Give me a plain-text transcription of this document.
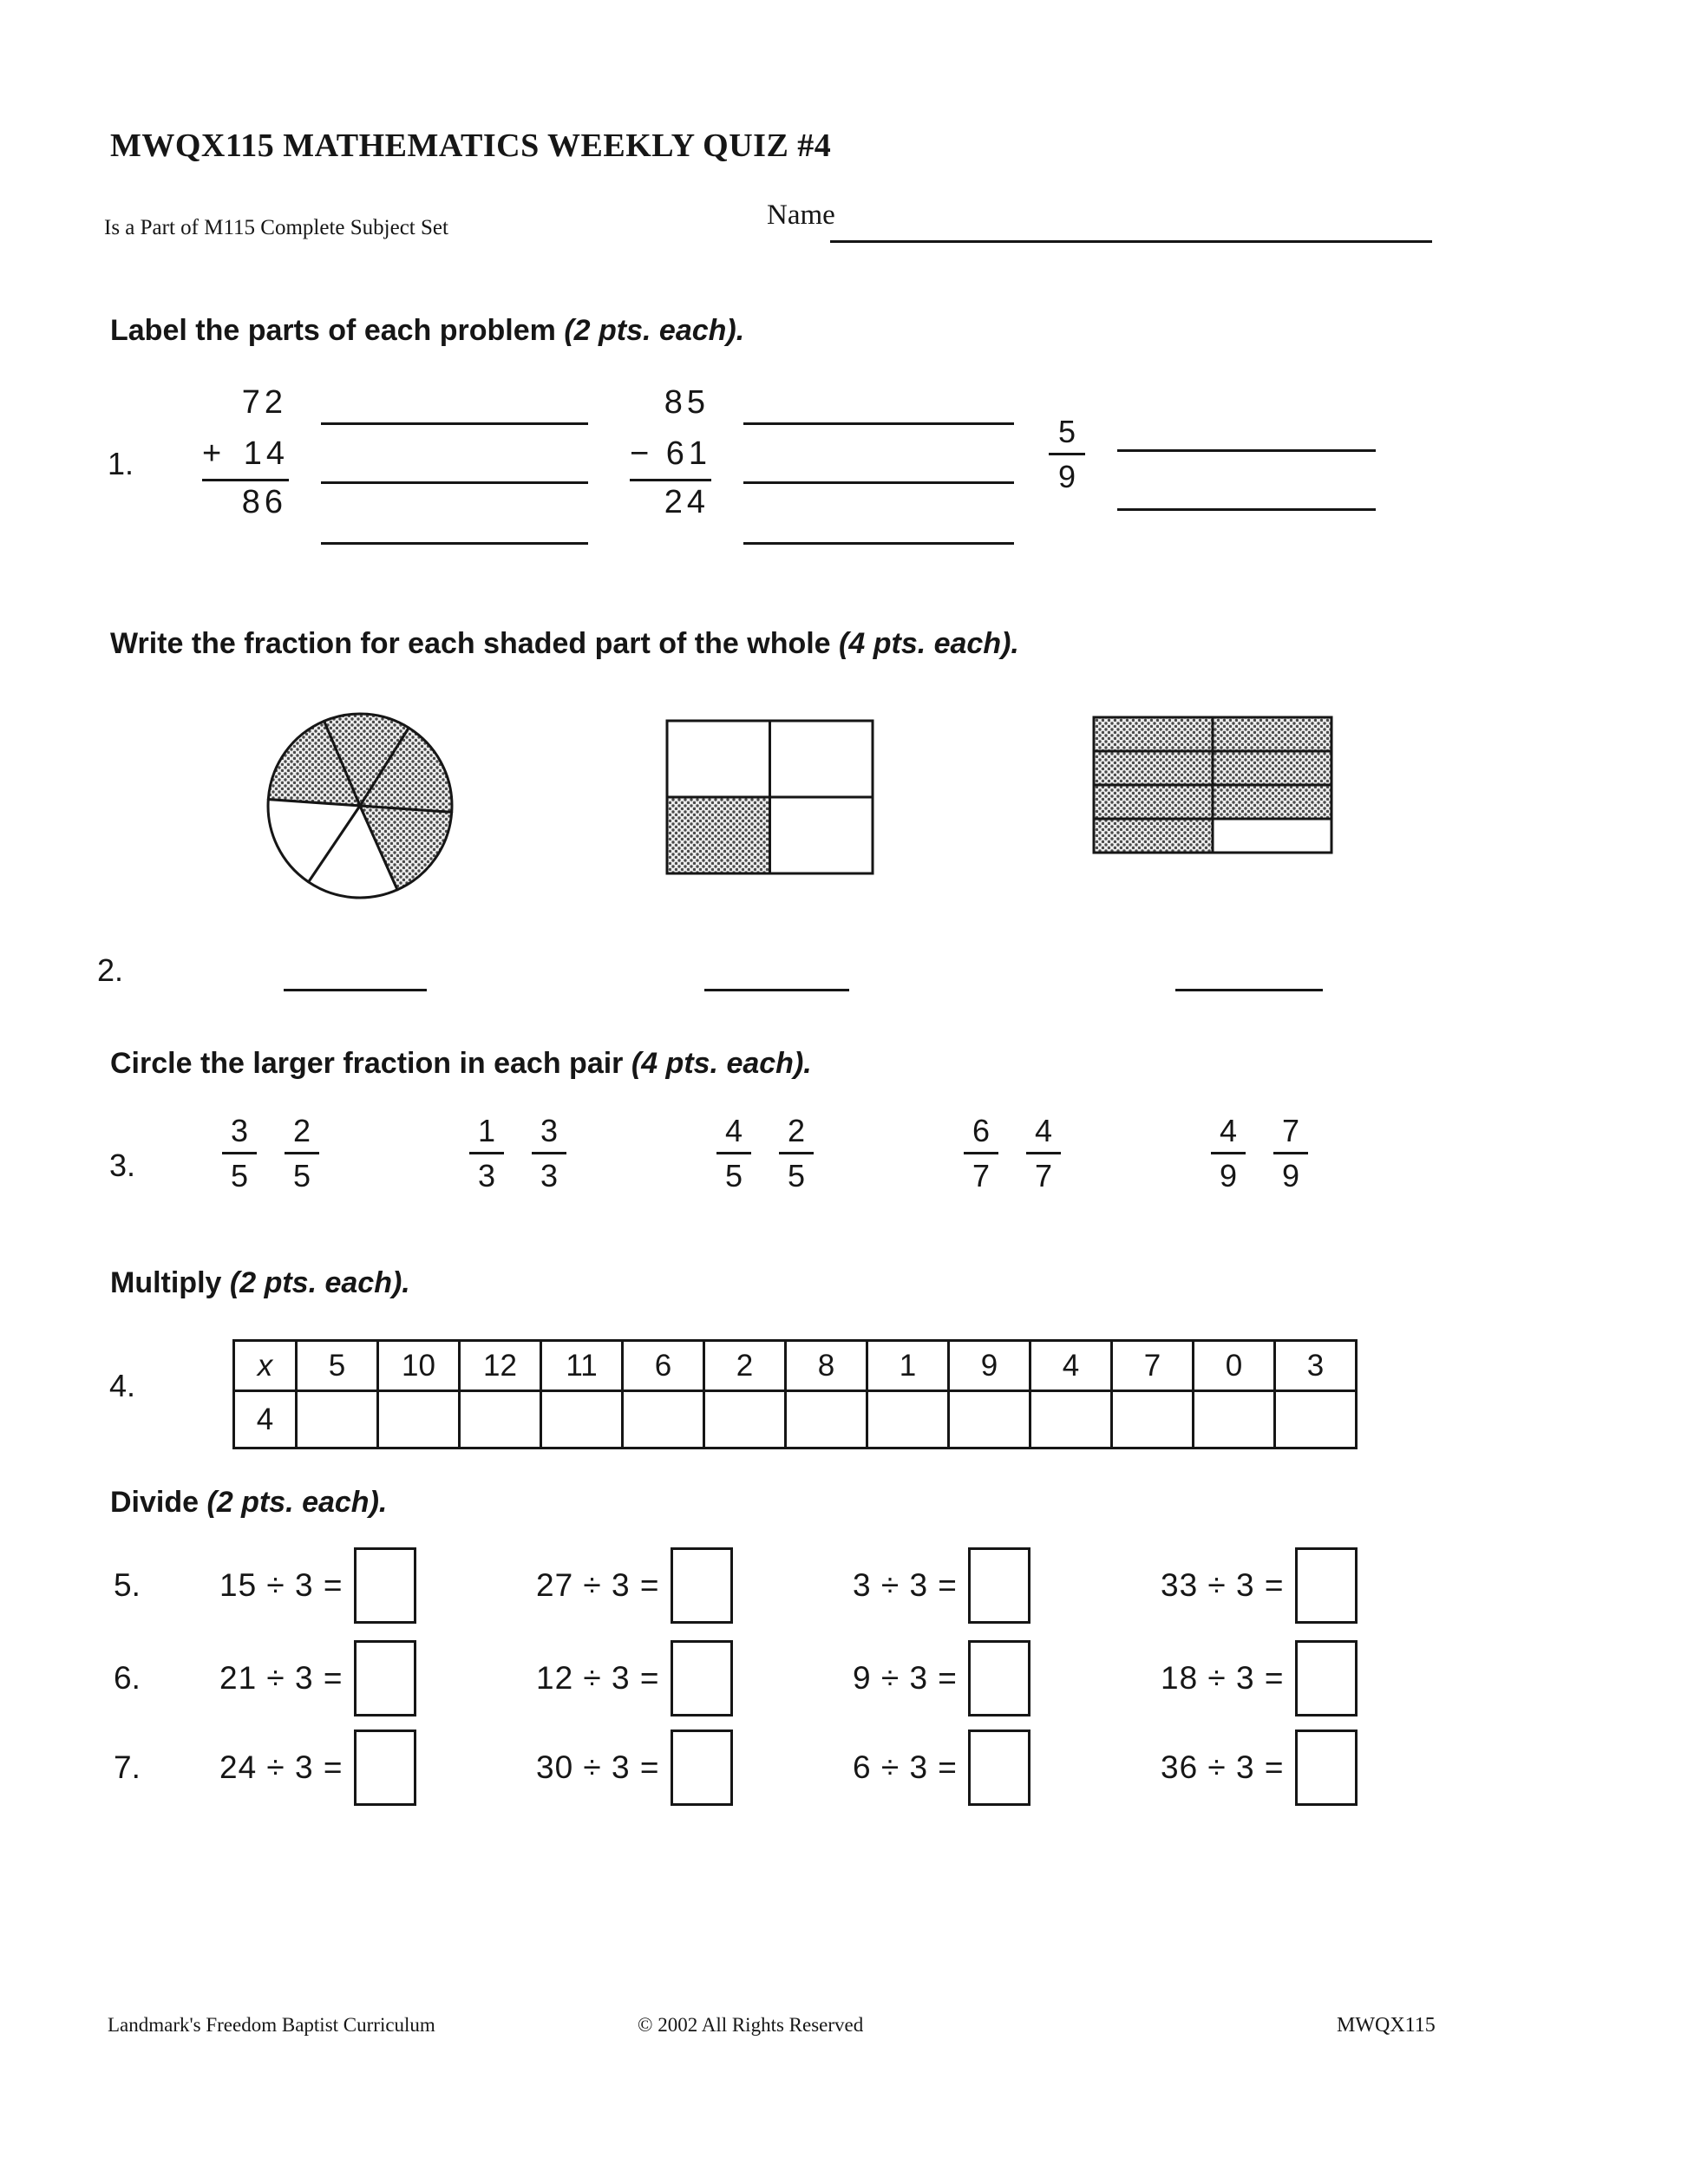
MWQX115 MATHEMATICS WEEKLY QUIZ #4
Is a Part of M115 Complete Subject Set	Name
Label the parts of each problem (2 pts. each).
1.
72
+ 14
86
85
− 61
24
5
9
Write the fraction for each shaded part of the whole (4 pts. each).
2.
Circle the larger fraction in each pair (4 pts. each).
3.	$\frac{3}{5} \frac{2}{5}$	$\frac{1}{3} \frac{3}{3}$	$\frac{4}{5} \frac{2}{5}$	$\frac{6}{7} \frac{4}{7}$	$\frac{4}{9} \frac{7}{9}$
Multiply (2 pts. each).
4.
x	5	10	12	11	6	2	8	1	9	4	7	0	3
4													
Divide (2 pts. each).
Landmark's Freedom Baptist Curriculum	© 2002 All Rights Reserved	MWQX115
5. 15 ÷ 3 =	27 ÷ 3 =	3 ÷ 3 =	33 ÷ 3 =
6. 21 ÷ 3 =	12 ÷ 3 =	9 ÷ 3 =	18 ÷ 3 =
7. 24 ÷ 3 =	30 ÷ 3 =	6 ÷ 3 =	36 ÷ 3 =
